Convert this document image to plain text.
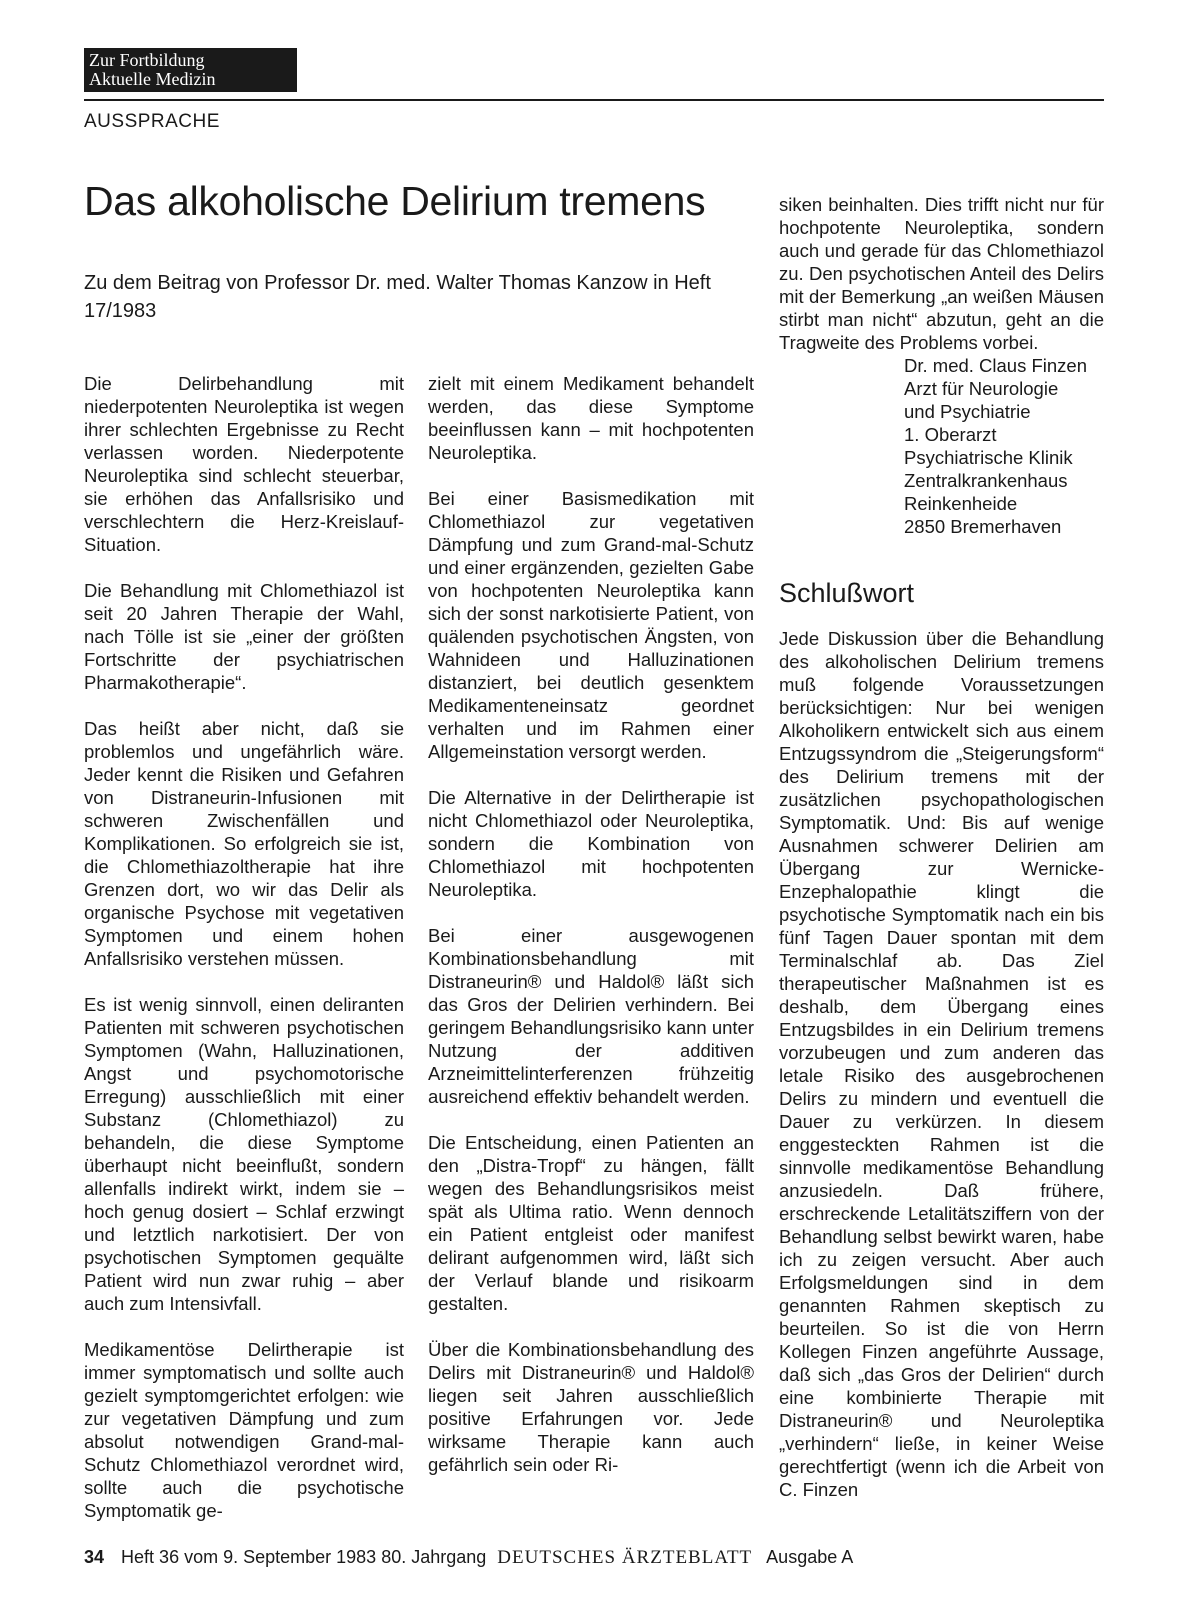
Zur Fortbildung
Aktuelle Medizin
AUSSPRACHE
Das alkoholische Delirium tremens
Zu dem Beitrag von Professor Dr. med. Walter Thomas Kanzow in Heft 17/1983

Die Delirbehandlung mit niederpotenten Neuroleptika ist wegen ihrer schlechten Ergebnisse zu Recht verlassen worden. Niederpotente Neuroleptika sind schlecht steuerbar, sie erhöhen das Anfallsrisiko und verschlechtern die Herz-Kreislauf-Situation.

Die Behandlung mit Chlomethiazol ist seit 20 Jahren Therapie der Wahl, nach Tölle ist sie „einer der größten Fortschritte der psychiatrischen Pharmakotherapie“.

Das heißt aber nicht, daß sie problemlos und ungefährlich wäre. Jeder kennt die Risiken und Gefahren von Distraneurin-Infusionen mit schweren Zwischenfällen und Komplikationen. So erfolgreich sie ist, die Chlomethiazoltherapie hat ihre Grenzen dort, wo wir das Delir als organische Psychose mit vegetativen Symptomen und einem hohen Anfallsrisiko verstehen müssen.

Es ist wenig sinnvoll, einen deliranten Patienten mit schweren psychotischen Symptomen (Wahn, Halluzinationen, Angst und psychomotorische Erregung) ausschließlich mit einer Substanz (Chlomethiazol) zu behandeln, die diese Symptome überhaupt nicht beeinflußt, sondern allenfalls indirekt wirkt, indem sie – hoch genug dosiert – Schlaf erzwingt und letztlich narkotisiert. Der von psychotischen Symptomen gequälte Patient wird nun zwar ruhig – aber auch zum Intensivfall.

Medikamentöse Delirtherapie ist immer symptomatisch und sollte auch gezielt symptomgerichtet erfolgen: wie zur vegetativen Dämpfung und zum absolut notwendigen Grand-mal-Schutz Chlomethiazol verordnet wird, sollte auch die psychotische Symptomatik ge-

zielt mit einem Medikament behandelt werden, das diese Symptome beeinflussen kann – mit hochpotenten Neuroleptika.

Bei einer Basismedikation mit Chlomethiazol zur vegetativen Dämpfung und zum Grand-mal-Schutz und einer ergänzenden, gezielten Gabe von hochpotenten Neuroleptika kann sich der sonst narkotisierte Patient, von quälenden psychotischen Ängsten, von Wahnideen und Halluzinationen distanziert, bei deutlich gesenktem Medikamenteneinsatz geordnet verhalten und im Rahmen einer Allgemeinstation versorgt werden.

Die Alternative in der Delirtherapie ist nicht Chlomethiazol oder Neuroleptika, sondern die Kombination von Chlomethiazol mit hochpotenten Neuroleptika.

Bei einer ausgewogenen Kombinationsbehandlung mit Distraneurin® und Haldol® läßt sich das Gros der Delirien verhindern. Bei geringem Behandlungsrisiko kann unter Nutzung der additiven Arzneimittelinterferenzen frühzeitig ausreichend effektiv behandelt werden.

Die Entscheidung, einen Patienten an den „Distra-Tropf“ zu hängen, fällt wegen des Behandlungsrisikos meist spät als Ultima ratio. Wenn dennoch ein Patient entgleist oder manifest delirant aufgenommen wird, läßt sich der Verlauf blande und risikoarm gestalten.

Über die Kombinationsbehandlung des Delirs mit Distraneurin® und Haldol® liegen seit Jahren ausschließlich positive Erfahrungen vor. Jede wirksame Therapie kann auch gefährlich sein oder Ri-

siken beinhalten. Dies trifft nicht nur für hochpotente Neuroleptika, sondern auch und gerade für das Chlomethiazol zu. Den psychotischen Anteil des Delirs mit der Bemerkung „an weißen Mäusen stirbt man nicht“ abzutun, geht an die Tragweite des Problems vorbei.

Dr. med. Claus Finzen
Arzt für Neurologie
und Psychiatrie
1. Oberarzt
Psychiatrische Klinik
Zentralkrankenhaus
Reinkenheide
2850 Bremerhaven
Schlußwort

Jede Diskussion über die Behandlung des alkoholischen Delirium tremens muß folgende Voraussetzungen berücksichtigen: Nur bei wenigen Alkoholikern entwickelt sich aus einem Entzugssyndrom die „Steigerungsform“ des Delirium tremens mit der zusätzlichen psychopathologischen Symptomatik. Und: Bis auf wenige Ausnahmen schwerer Delirien am Übergang zur Wernicke-Enzephalopathie klingt die psychotische Symptomatik nach ein bis fünf Tagen Dauer spontan mit dem Terminalschlaf ab. Das Ziel therapeutischer Maßnahmen ist es deshalb, dem Übergang eines Entzugsbildes in ein Delirium tremens vorzubeugen und zum anderen das letale Risiko des ausgebrochenen Delirs zu mindern und eventuell die Dauer zu verkürzen. In diesem enggesteckten Rahmen ist die sinnvolle medikamentöse Behandlung anzusiedeln. Daß frühere, erschreckende Letalitätsziffern von der Behandlung selbst bewirkt waren, habe ich zu zeigen versucht. Aber auch Erfolgsmeldungen sind in dem genannten Rahmen skeptisch zu beurteilen. So ist die von Herrn Kollegen Finzen angeführte Aussage, daß sich „das Gros der Delirien“ durch eine kombinierte Therapie mit Distraneurin® und Neuroleptika „verhindern“ ließe, in keiner Weise gerechtfertigt (wenn ich die Arbeit von C. Finzen

34 Heft 36 vom 9. September 1983 80. Jahrgang DEUTSCHES ÄRZTEBLATT Ausgabe A
